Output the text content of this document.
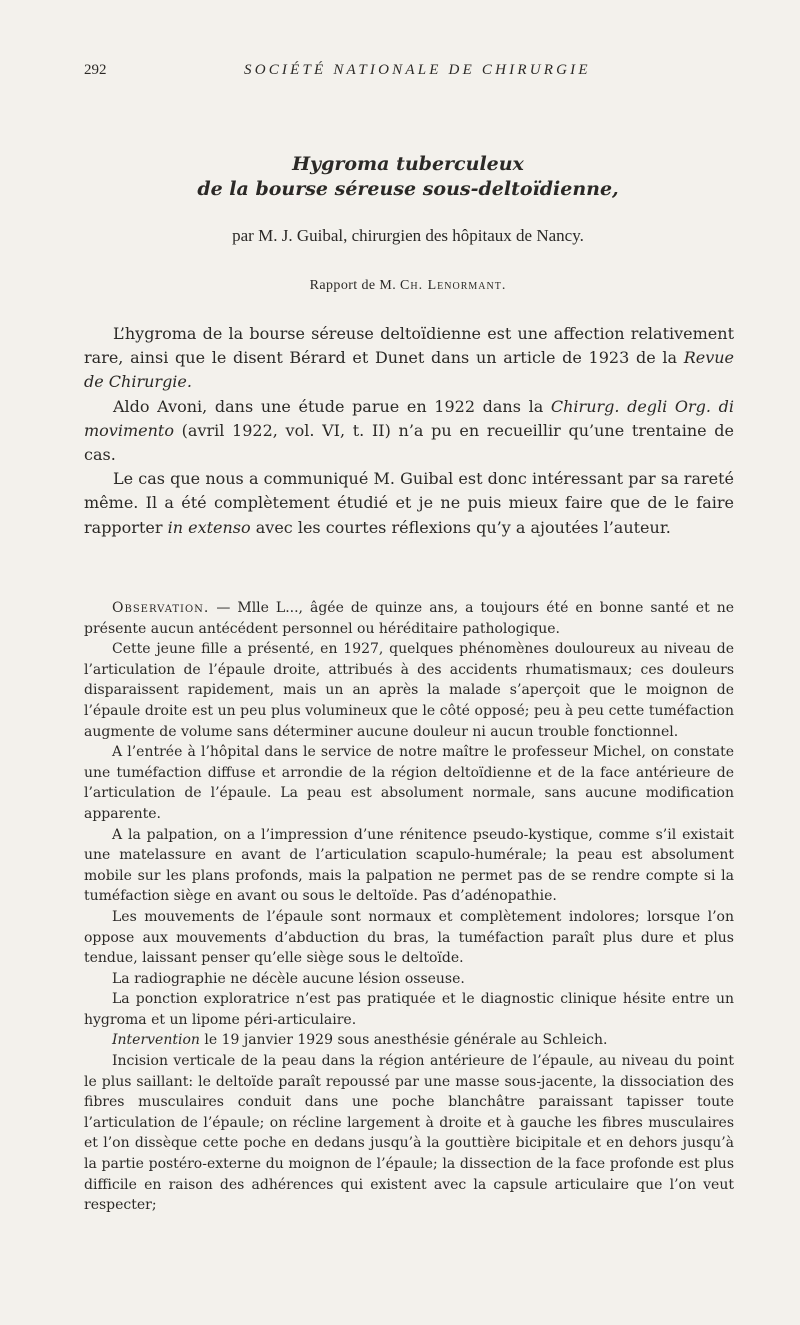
292	SOCIÉTÉ NATIONALE DE CHIRURGIE
Hygroma tuberculeux
de la bourse séreuse sous-deltoïdienne,
par M. J. Guibal, chirurgien des hôpitaux de Nancy.
Rapport de M. Ch. Lenormant.

L’hygroma de la bourse séreuse deltoïdienne est une affection relativement rare, ainsi que le disent Bérard et Dunet dans un article de 1923 de la Revue de Chirurgie.

Aldo Avoni, dans une étude parue en 1922 dans la Chirurg. degli Org. di movimento (avril 1922, vol. VI, t. II) n’a pu en recueillir qu’une trentaine de cas.

Le cas que nous a communiqué M. Guibal est donc intéressant par sa rareté même. Il a été complètement étudié et je ne puis mieux faire que de le faire rapporter in extenso avec les courtes réflexions qu’y a ajoutées l’auteur.

Observation. — Mlle L..., âgée de quinze ans, a toujours été en bonne santé et ne présente aucun antécédent personnel ou héréditaire pathologique.

Cette jeune fille a présenté, en 1927, quelques phénomènes douloureux au niveau de l’articulation de l’épaule droite, attribués à des accidents rhumatismaux; ces douleurs disparaissent rapidement, mais un an après la malade s’aperçoit que le moignon de l’épaule droite est un peu plus volumineux que le côté opposé; peu à peu cette tuméfaction augmente de volume sans déterminer aucune douleur ni aucun trouble fonctionnel.

A l’entrée à l’hôpital dans le service de notre maître le professeur Michel, on constate une tuméfaction diffuse et arrondie de la région deltoïdienne et de la face antérieure de l’articulation de l’épaule. La peau est absolument normale, sans aucune modification apparente.

A la palpation, on a l’impression d’une rénitence pseudo-kystique, comme s’il existait une matelassure en avant de l’articulation scapulo-humérale; la peau est absolument mobile sur les plans profonds, mais la palpation ne permet pas de se rendre compte si la tuméfaction siège en avant ou sous le deltoïde. Pas d’adénopathie.

Les mouvements de l’épaule sont normaux et complètement indolores; lorsque l’on oppose aux mouvements d’abduction du bras, la tuméfaction paraît plus dure et plus tendue, laissant penser qu’elle siège sous le deltoïde.

La radiographie ne décèle aucune lésion osseuse.

La ponction exploratrice n’est pas pratiquée et le diagnostic clinique hésite entre un hygroma et un lipome péri-articulaire.

Intervention le 19 janvier 1929 sous anesthésie générale au Schleich.

Incision verticale de la peau dans la région antérieure de l’épaule, au niveau du point le plus saillant: le deltoïde paraît repoussé par une masse sous-jacente, la dissociation des fibres musculaires conduit dans une poche blanchâtre paraissant tapisser toute l’articulation de l’épaule; on récline largement à droite et à gauche les fibres musculaires et l’on dissèque cette poche en dedans jusqu’à la gouttière bicipitale et en dehors jusqu’à la partie postéro-externe du moignon de l’épaule; la dissection de la face profonde est plus difficile en raison des adhérences qui existent avec la capsule articulaire que l’on veut respecter;
